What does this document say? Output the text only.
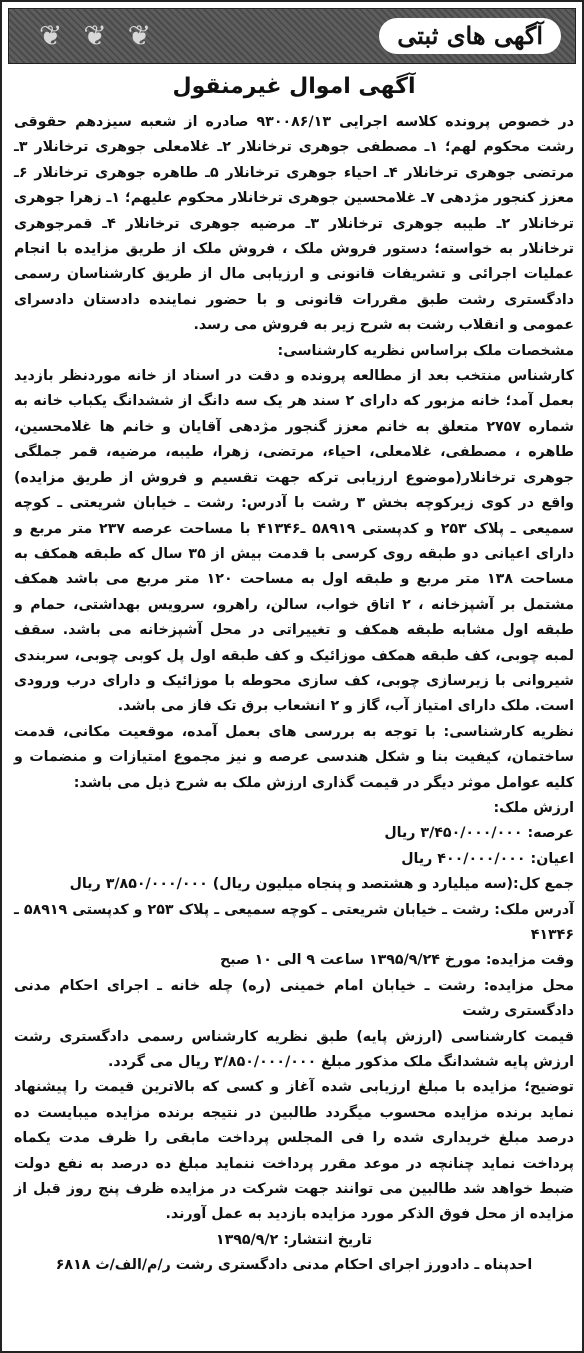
❦ ❦ ❦	آگهی های ثبتی
آگهی اموال غیرمنقول

در خصوص پرونده کلاسه اجرایی ۹۳۰۰۸۶/۱۳ صادره از شعبه سیزدهم حقوقی رشت محکوم لهم؛ ۱ـ مصطفی جوهری ترخانلار ۲ـ غلامعلی جوهری ترخانلار ۳ـ مرتضی جوهری ترخانلار ۴ـ احیاء جوهری ترخانلار ۵ـ طاهره جوهری ترخانلار ۶ـ معزز کنجور مژدهی ۷ـ غلامحسین جوهری ترخانلار محکوم علیهم؛ ۱ـ زهرا جوهری ترخانلار ۲ـ طیبه جوهری ترخانلار ۳ـ مرضیه جوهری ترخانلار ۴ـ قمرجوهری ترخانلار به خواسته؛ دستور فروش ملک ، فروش ملک از طریق مزایده با انجام عملیات اجرائی و تشریفات قانونی و ارزیابی مال از طریق کارشناسان رسمی دادگستری رشت طبق مقررات قانونی و با حضور نماینده دادستان دادسرای عمومی و انقلاب رشت به شرح زیر به فروش می رسد.

مشخصات ملک براساس نظریه کارشناسی:

کارشناس منتخب بعد از مطالعه پرونده و دقت در اسناد از خانه موردنظر بازدید بعمل آمد؛ خانه مزبور که دارای ۲ سند هر یک سه دانگ از ششدانگ یکباب خانه به شماره ۲۷۵۷ متعلق به خانم معزز گنجور مژدهی آقایان و خانم ها غلامحسین، طاهره ، مصطفی، غلامعلی، احیاء، مرتضی، زهرا، طیبه، مرضیه، قمر جملگی جوهری ترخانلار(موضوع ارزیابی ترکه جهت تقسیم و فروش از طریق مزایده) واقع در کوی زیرکوچه بخش ۳ رشت با آدرس: رشت ـ خیابان شریعتی ـ کوچه سمیعی ـ پلاک ۲۵۳ و کدپستی ۵۸۹۱۹ ـ۴۱۳۴۶ با مساحت عرصه ۲۳۷ متر مربع و دارای اعیانی دو طبقه روی کرسی با قدمت بیش از ۳۵ سال که طبقه همکف به مساحت ۱۳۸ متر مربع و طبقه اول به مساحت ۱۲۰ متر مربع می باشد همکف مشتمل بر آشپزخانه ، ۲ اتاق خواب، سالن، راهرو، سرویس بهداشتی، حمام و طبقه اول مشابه طبقه همکف و تغییراتی در محل آشپزخانه می باشد. سقف لمبه چوبی، کف طبقه همکف موزائیک و کف طبقه اول پل کوبی چوبی، سربندی شیروانی با زیرسازی چوبی، کف سازی محوطه با موزائیک و دارای درب ورودی است. ملک دارای امتیاز آب، گاز و ۲ انشعاب برق تک فاز می باشد.

نظریه کارشناسی: با توجه به بررسی های بعمل آمده، موقعیت مکانی، قدمت ساختمان، کیفیت بنا و شکل هندسی عرصه و نیز مجموع امتیازات و منضمات و کلیه عوامل موثر دیگر در قیمت گذاری ارزش ملک به شرح ذیل می باشد:

ارزش ملک:

عرصه: ۳/۴۵۰/۰۰۰/۰۰۰ ریال

اعیان: ۴۰۰/۰۰۰/۰۰۰ ریال

جمع کل:(سه میلیارد و هشتصد و پنجاه میلیون ریال) ۳/۸۵۰/۰۰۰/۰۰۰ ریال

آدرس ملک: رشت ـ خیابان شریعتی ـ کوچه سمیعی ـ پلاک ۲۵۳ و کدپستی ۵۸۹۱۹ ـ ۴۱۳۴۶

وقت مزایده: مورخ ۱۳۹۵/۹/۲۴ ساعت ۹ الی ۱۰ صبح

محل مزایده: رشت ـ خیابان امام خمینی (ره) چله خانه ـ اجرای احکام مدنی دادگستری رشت

قیمت کارشناسی (ارزش پایه) طبق نظریه کارشناس رسمی دادگستری رشت ارزش پایه ششدانگ ملک مذکور مبلغ ۳/۸۵۰/۰۰۰/۰۰۰ ریال می گردد.

توضیح؛ مزایده با مبلغ ارزیابی شده آغاز و کسی که بالاترین قیمت را پیشنهاد نماید برنده مزایده محسوب میگردد طالبین در نتیجه برنده مزایده میبایست ده درصد مبلغ خریداری شده را فی المجلس پرداخت مابقی را ظرف مدت یکماه پرداخت نماید چنانچه در موعد مقرر پرداخت ننماید مبلغ ده درصد به نفع دولت ضبط خواهد شد طالبین می توانند جهت شرکت در مزایده ظرف پنج روز قبل از مزایده از محل فوق الذکر مورد مزایده بازدید به عمل آورند.

تاریخ انتشار: ۱۳۹۵/۹/۲

احدپناه ـ دادورز اجرای احکام مدنی دادگستری رشت ر/م/الف/ث ۶۸۱۸
